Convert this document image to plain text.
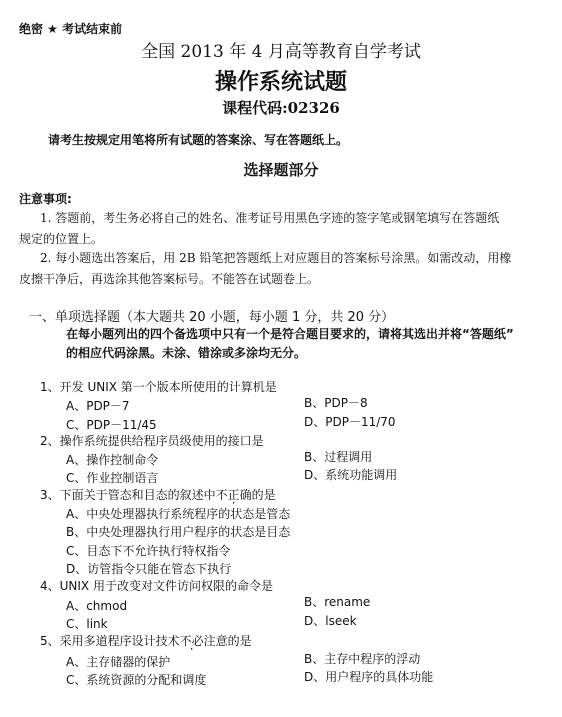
绝密 ★ 考试结束前
全国 2013 年 4 月高等教育自学考试
操作系统试题
课程代码:02326
请考生按规定用笔将所有试题的答案涂、写在答题纸上。
选择题部分
注意事项:
1. 答题前，考生务必将自己的姓名、准考证号用黑色字迹的签字笔或钢笔填写在答题纸
规定的位置上。
2. 每小题选出答案后，用 2B 铅笔把答题纸上对应题目的答案标号涂黑。如需改动，用橡
皮擦干净后，再选涂其他答案标号。不能答在试题卷上。
一、单项选择题（本大题共 20 小题，每小题 1 分，共 20 分）
在每小题列出的四个备选项中只有一个是符合题目要求的，请将其选出并将“答题纸”
的相应代码涂黑。未涂、错涂或多涂均无分。
1、开发 UNIX 第一个版本所使用的计算机是
A、PDP－7	B、PDP－8
C、PDP－11/45	D、PDP－11/70
2、操作系统提供给程序员级使用的接口是
A、操作控制命令	B、过程调用
C、作业控制语言	D、系统功能调用
3、下面关于管态和目态的叙述中不正确的是
A、中央处理器执行系统程序的状态是管态
B、中央处理器执行用户程序的状态是目态
C、目态下不允许执行特权指令
D、访管指令只能在管态下执行
4、UNIX 用于改变对文件访问权限的命令是
A、chmod	B、rename
C、link	D、lseek
5、采用多道程序设计技术不必注意的是
A、主存储器的保护	B、主存中程序的浮动
C、系统资源的分配和调度	D、用户程序的具体功能
